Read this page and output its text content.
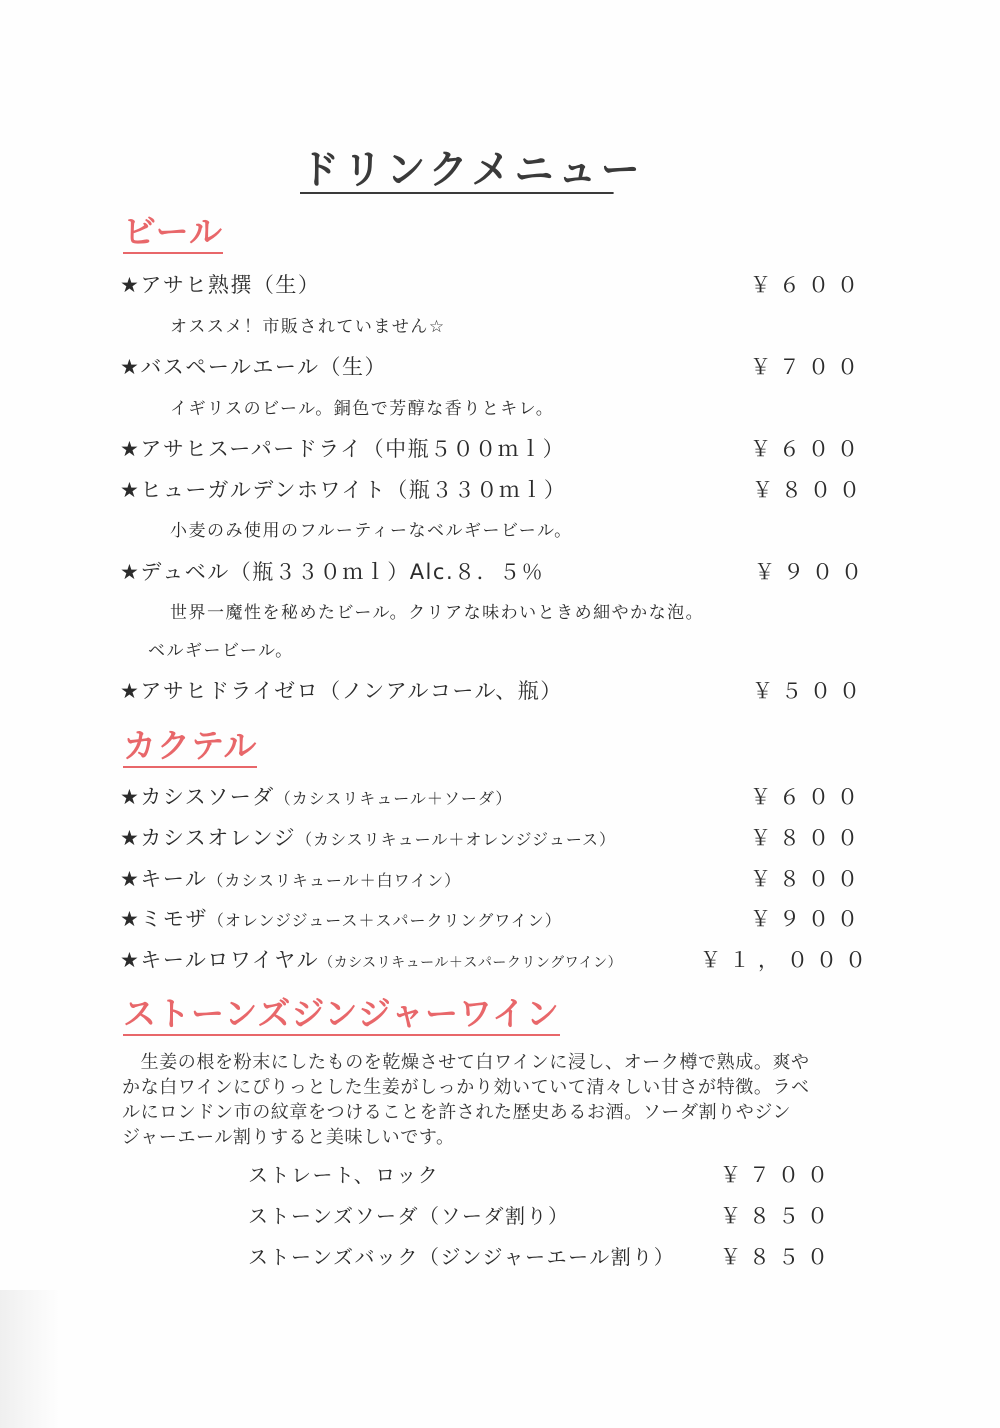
ドリンクメニュー
ビール
★アサヒ熟撰（生）	￥６００
オススメ！市販されていません☆
★バスペールエール（生）	￥７００
イギリスのビール。銅色で芳醇な香りとキレ。
★アサヒスーパードライ（中瓶５００ｍｌ）	￥６００
★ヒューガルデンホワイト（瓶３３０ｍｌ）	￥８００
小麦のみ使用のフルーティーなベルギービール。
★デュベル（瓶３３０ｍｌ）Alc.８．５％	￥９００
世界一魔性を秘めたビール。クリアな味わいときめ細やかな泡。
ベルギービール。
★アサヒドライゼロ（ノンアルコール、瓶）	￥５００
カクテル
★カシスソーダ（カシスリキュール＋ソーダ）	￥６００
★カシスオレンジ（カシスリキュール＋オレンジジュース）	￥８００
★キール（カシスリキュール＋白ワイン）	￥８００
★ミモザ（オレンジジュース＋スパークリングワイン）	￥９００
★キールロワイヤル（カシスリキュール＋スパークリングワイン）	￥１，０００
ストーンズジンジャーワイン
　生姜の根を粉末にしたものを乾燥させて白ワインに浸し、オーク樽で熟成。爽や
かな白ワインにぴりっとした生姜がしっかり効いていて清々しい甘さが特徴。ラベ
ルにロンドン市の紋章をつけることを許された歴史あるお酒。ソーダ割りやジン
ジャーエール割りすると美味しいです。
ストレート、ロック	￥７００
ストーンズソーダ（ソーダ割り）	￥８５０
ストーンズバック（ジンジャーエール割り） ￥８５０
